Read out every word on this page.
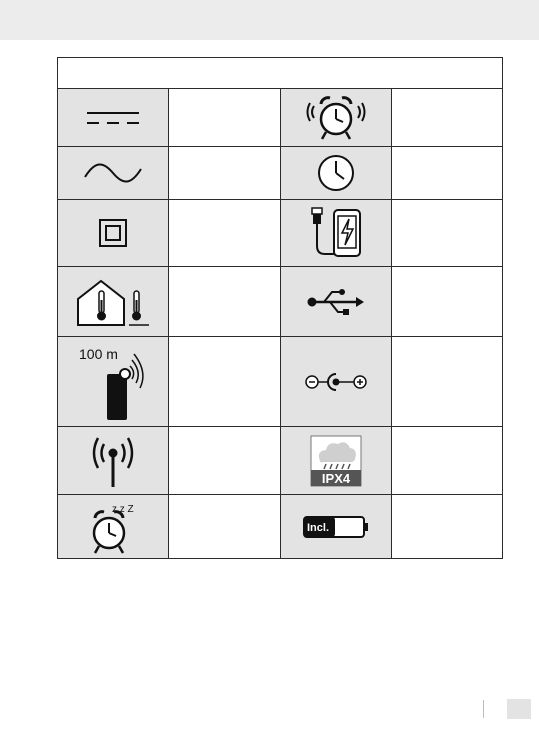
100 m

IPX4	

z z Z		Incl.	
